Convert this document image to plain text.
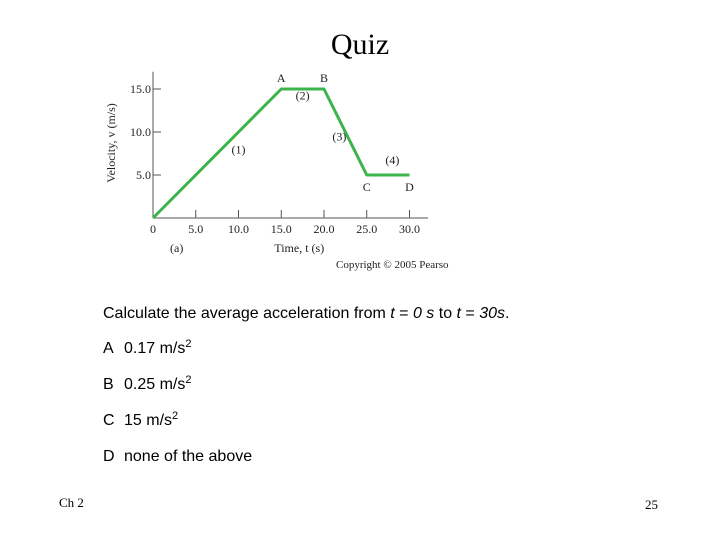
Quiz
0	5.0 10.0 15.0 20.0 25.0 30.0
5.0
10.0
15.0
A	B
C	D
(1)
(2)
(3)
(4)
Time, t (s)
Velocity, v (m/s)
(a)
Copyright © 2005 Pearso
Calculate the average acceleration from t = 0 s to t = 30s.
A 0.17 $m/s^2$
B 0.25 $m/s^2$
C 15 $m/s^2$
D none of the above
Ch 2	25
